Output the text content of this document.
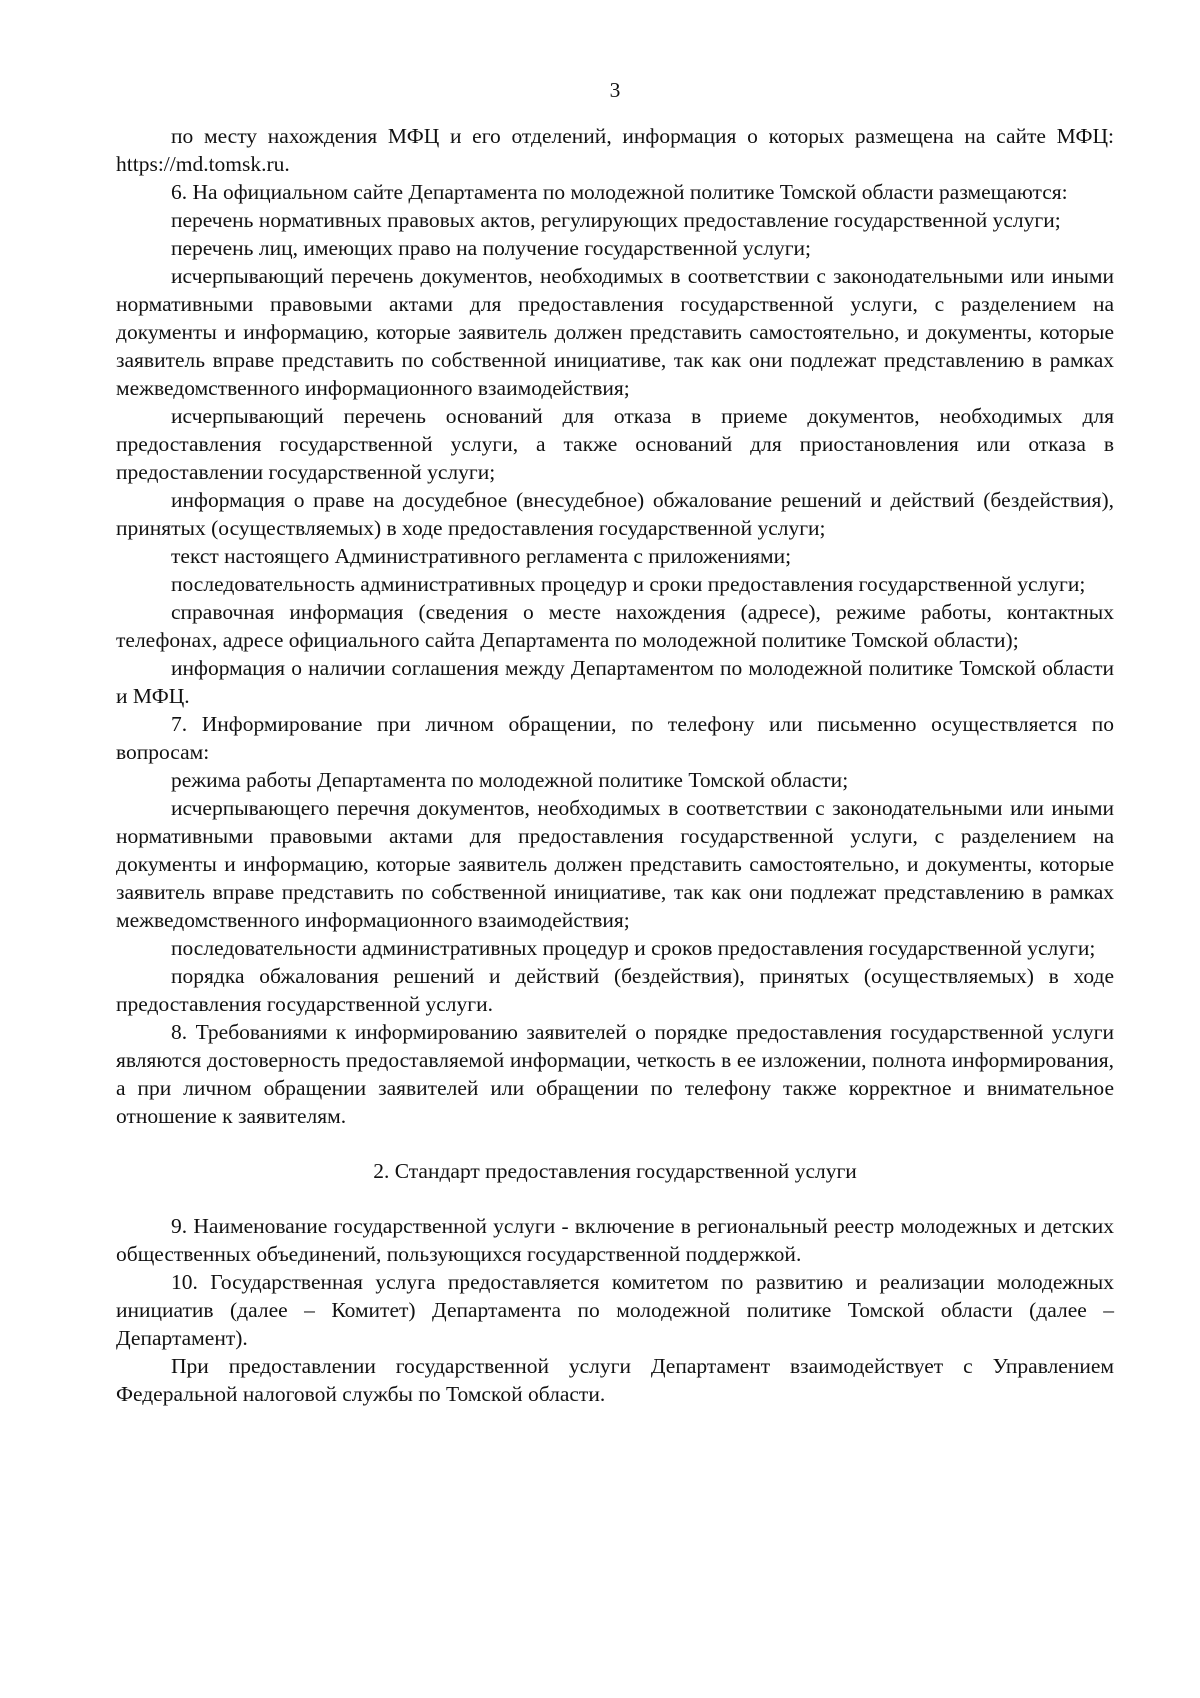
3

по месту нахождения МФЦ и его отделений, информация о которых размещена на сайте МФЦ: https://md.tomsk.ru.

6. На официальном сайте Департамента по молодежной политике Томской области размещаются:

перечень нормативных правовых актов, регулирующих предоставление государственной услуги;

перечень лиц, имеющих право на получение государственной услуги;

исчерпывающий перечень документов, необходимых в соответствии с законодательными или иными нормативными правовыми актами для предоставления государственной услуги, с разделением на документы и информацию, которые заявитель должен представить самостоятельно, и документы, которые заявитель вправе представить по собственной инициативе, так как они подлежат представлению в рамках межведомственного информационного взаимодействия;

исчерпывающий перечень оснований для отказа в приеме документов, необходимых для предоставления государственной услуги, а также оснований для приостановления или отказа в предоставлении государственной услуги;

информация о праве на досудебное (внесудебное) обжалование решений и действий (бездействия), принятых (осуществляемых) в ходе предоставления государственной услуги;

текст настоящего Административного регламента с приложениями;

последовательность административных процедур и сроки предоставления государственной услуги;

справочная информация (сведения о месте нахождения (адресе), режиме работы, контактных телефонах, адресе официального сайта Департамента по молодежной политике Томской области);

информация о наличии соглашения между Департаментом по молодежной политике Томской области и МФЦ.

7. Информирование при личном обращении, по телефону или письменно осуществляется по вопросам:

режима работы Департамента по молодежной политике Томской области;

исчерпывающего перечня документов, необходимых в соответствии с законодательными или иными нормативными правовыми актами для предоставления государственной услуги, с разделением на документы и информацию, которые заявитель должен представить самостоятельно, и документы, которые заявитель вправе представить по собственной инициативе, так как они подлежат представлению в рамках межведомственного информационного взаимодействия;

последовательности административных процедур и сроков предоставления государственной услуги;

порядка обжалования решений и действий (бездействия), принятых (осуществляемых) в ходе предоставления государственной услуги.

8. Требованиями к информированию заявителей о порядке предоставления государственной услуги являются достоверность предоставляемой информации, четкость в ее изложении, полнота информирования, а при личном обращении заявителей или обращении по телефону также корректное и внимательное отношение к заявителям.

2. Стандарт предоставления государственной услуги

9. Наименование государственной услуги - включение в региональный реестр молодежных и детских общественных объединений, пользующихся государственной поддержкой.

10. Государственная услуга предоставляется комитетом по развитию и реализации молодежных инициатив (далее – Комитет) Департамента по молодежной политике Томской области (далее – Департамент).

При предоставлении государственной услуги Департамент взаимодействует с Управлением Федеральной налоговой службы по Томской области.
